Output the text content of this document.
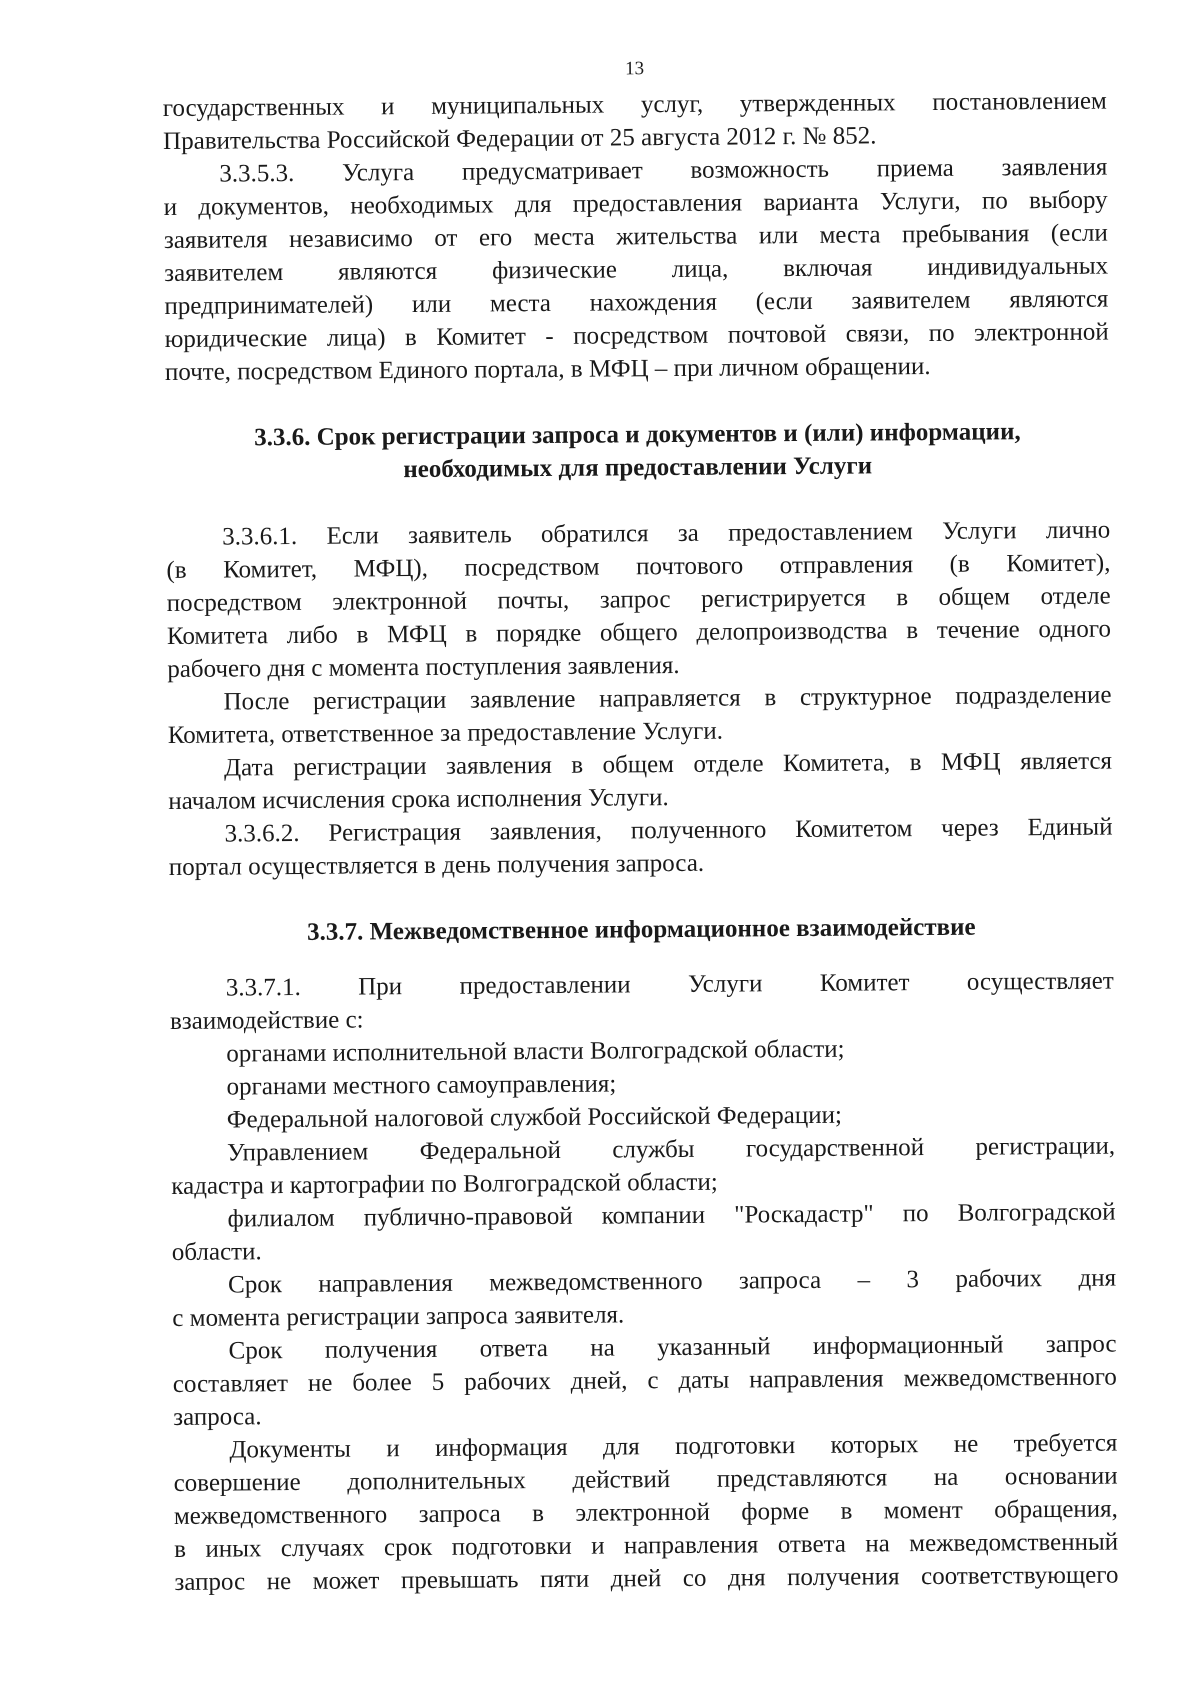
13
государственных и муниципальных услуг, утвержденных постановлением
Правительства Российской Федерации от 25 августа 2012 г. № 852.
3.3.5.3. Услуга предусматривает возможность приема заявления
и документов, необходимых для предоставления варианта Услуги, по выбору
заявителя независимо от его места жительства или места пребывания (если
заявителем являются физические лица, включая индивидуальных
предпринимателей) или места нахождения (если заявителем являются
юридические лица) в Комитет - посредством почтовой связи, по электронной
почте, посредством Единого портала, в МФЦ – при личном обращении.
3.3.6. Срок регистрации запроса и документов и (или) информации,
необходимых для предоставлении Услуги
3.3.6.1. Если заявитель обратился за предоставлением Услуги лично
(в Комитет, МФЦ), посредством почтового отправления (в Комитет),
посредством электронной почты, запрос регистрируется в общем отделе
Комитета либо в МФЦ в порядке общего делопроизводства в течение одного
рабочего дня с момента поступления заявления.
После регистрации заявление направляется в структурное подразделение
Комитета, ответственное за предоставление Услуги.
Дата регистрации заявления в общем отделе Комитета, в МФЦ является
началом исчисления срока исполнения Услуги.
3.3.6.2. Регистрация заявления, полученного Комитетом через Единый
портал осуществляется в день получения запроса.
3.3.7. Межведомственное информационное взаимодействие
3.3.7.1. При предоставлении Услуги Комитет осуществляет
взаимодействие с:
органами исполнительной власти Волгоградской области;
органами местного самоуправления;
Федеральной налоговой службой Российской Федерации;
Управлением Федеральной службы государственной регистрации,
кадастра и картографии по Волгоградской области;
филиалом публично-правовой компании "Роскадастр" по Волгоградской
области.
Срок направления межведомственного запроса – 3 рабочих дня
с момента регистрации запроса заявителя.
Срок получения ответа на указанный информационный запрос
составляет не более 5 рабочих дней, с даты направления межведомственного
запроса.
Документы и информация для подготовки которых не требуется
совершение дополнительных действий представляются на основании
межведомственного запроса в электронной форме в момент обращения,
в иных случаях срок подготовки и направления ответа на межведомственный
запрос не может превышать пяти дней со дня получения соответствующего
